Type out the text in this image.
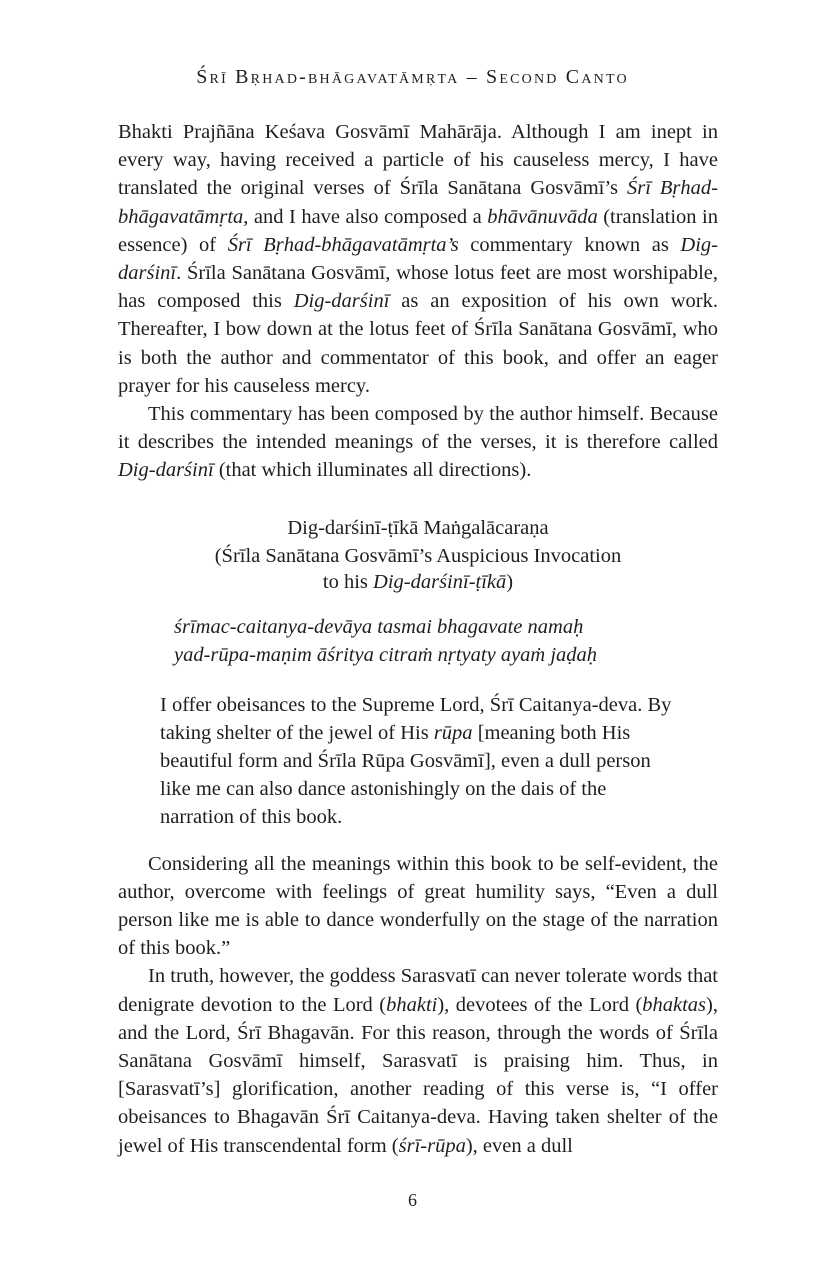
Śrī Bṛhad-bhāgavatāmṛta – Second Canto

Bhakti Prajñāna Keśava Gosvāmī Mahārāja. Although I am inept in every way, having received a particle of his causeless mercy, I have translated the original verses of Śrīla Sanātana Gosvāmī’s Śrī Bṛhad-bhāgavatāmṛta, and I have also composed a bhāvānuvāda (translation in essence) of Śrī Bṛhad-bhāgavatāmṛta’s commentary known as Dig-darśinī. Śrīla Sanātana Gosvāmī, whose lotus feet are most worshipable, has composed this Dig-darśinī as an exposition of his own work. Thereafter, I bow down at the lotus feet of Śrīla Sanātana Gosvāmī, who is both the author and commentator of this book, and offer an eager prayer for his causeless mercy.

This commentary has been composed by the author himself. Because it describes the intended meanings of the verses, it is therefore called Dig-darśinī (that which illuminates all directions).

Dig-darśinī-ṭīkā Maṅgalācaraṇa
(Śrīla Sanātana Gosvāmī’s Auspicious Invocation
to his Dig-darśinī-ṭīkā)
śrīmac-caitanya-devāya tasmai bhagavate namaḥ
yad-rūpa-maṇim āśritya citraṁ nṛtyaty ayaṁ jaḍaḥ

I offer obeisances to the Supreme Lord, Śrī Caitanya-deva. By taking shelter of the jewel of His rūpa [meaning both His beautiful form and Śrīla Rūpa Gosvāmī], even a dull person like me can also dance astonishingly on the dais of the narration of this book.

Considering all the meanings within this book to be self-evident, the author, overcome with feelings of great humility says, “Even a dull person like me is able to dance wonderfully on the stage of the narration of this book.”

In truth, however, the goddess Sarasvatī can never tolerate words that denigrate devotion to the Lord (bhakti), devotees of the Lord (bhaktas), and the Lord, Śrī Bhagavān. For this reason, through the words of Śrīla Sanātana Gosvāmī himself, Sarasvatī is praising him. Thus, in [Sarasvatī’s] glorification, another reading of this verse is, “I offer obeisances to Bhagavān Śrī Caitanya-deva. Having taken shelter of the jewel of His transcendental form (śrī-rūpa), even a dull

6
